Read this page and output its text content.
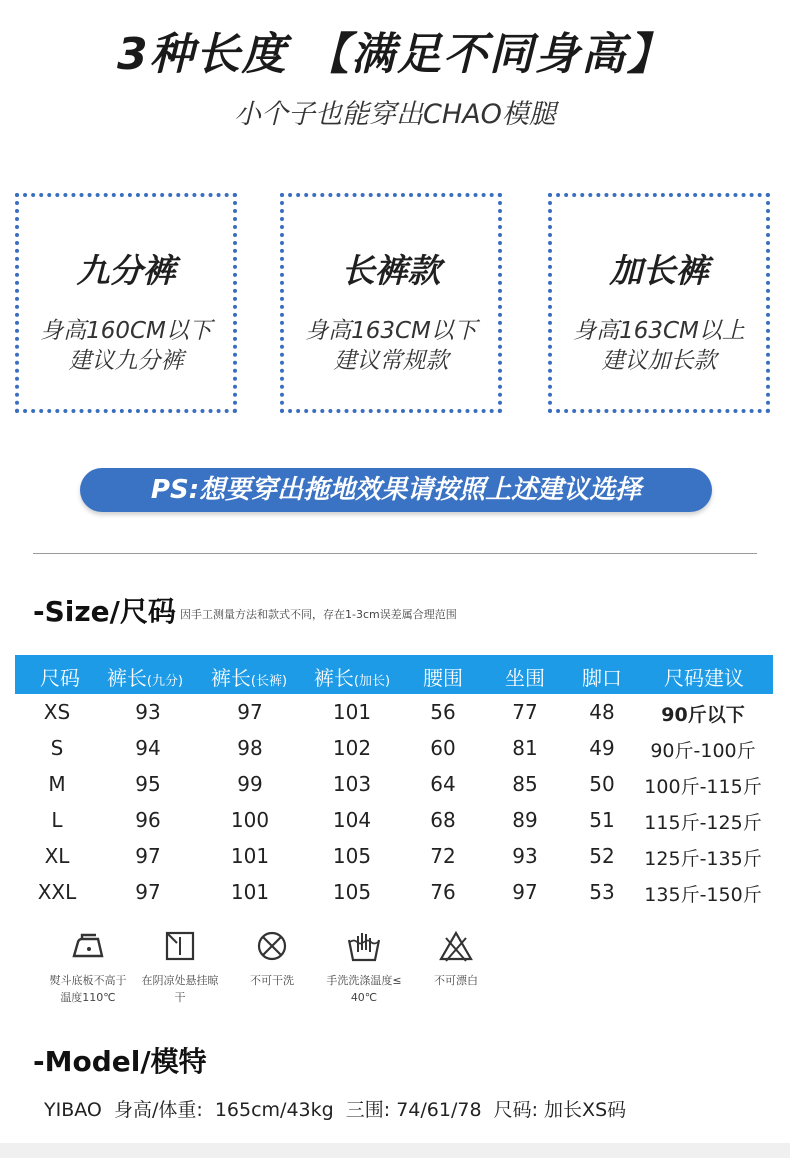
3种长度 【满足不同身高】
小个子也能穿出CHAO模腿
九分裤
身高160CM以下
建议九分裤
长裤款
身高163CM以下
建议常规款
加长裤
身高163CM以上
建议加长款
PS:想要穿出拖地效果请按照上述建议选择
-Size/尺码 因手工测量方法和款式不同，存在1-3cm误差属合理范围
尺码 裤长(九分) 裤长(长裤) 裤长(加长) 腰围 坐围 脚口 尺码建议
XS	93	97	101	56	77	48 90斤以下
S	94	98	102	60	81	49 90斤-100斤
M	95	99	103	64	85	50 100斤-115斤
L	96	100	104	68	89	51 115斤-125斤
XL	97	101	105	72	93	52 125斤-135斤
XXL	97	101	105	76	97	53 135斤-150斤
熨斗底板不高于
温度110℃
在阴凉处悬挂晾
干
不可干洗	手洗洗涤温度≤
40℃
不可漂白
-Model/模特
YIBAO  身高/体重:  165cm/43kg  三围: 74/61/78  尺码: 加长XS码
